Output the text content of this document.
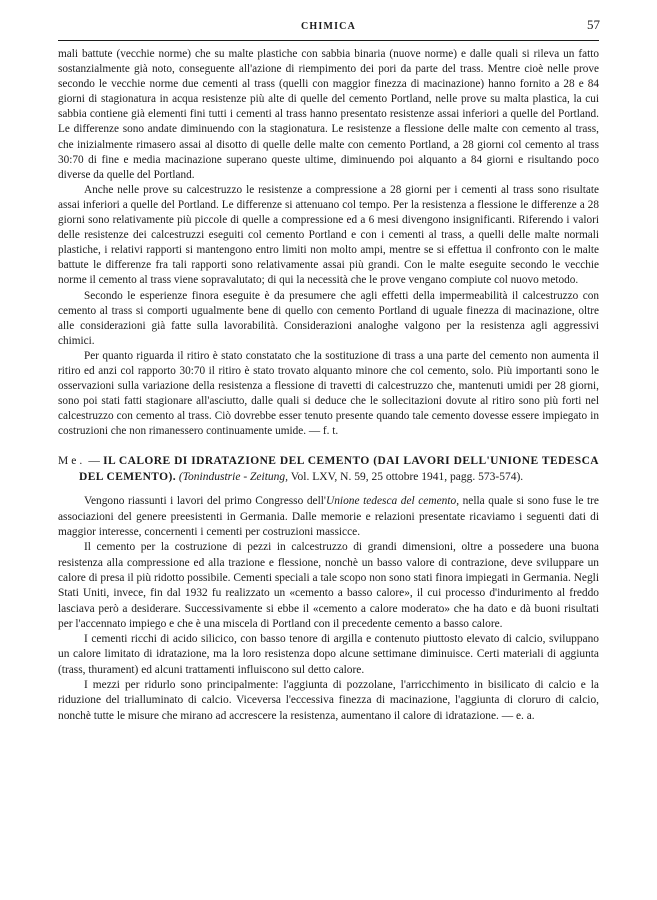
CHIMICA	57

mali battute (vecchie norme) che su malte plastiche con sabbia binaria (nuove norme) e dalle quali si rileva un fatto sostanzialmente già noto, conseguente all'azione di riempimento dei pori da parte del trass. Mentre cioè nelle prove secondo le vecchie norme due cementi al trass (quelli con maggior finezza di macinazione) hanno fornito a 28 e 84 giorni di stagionatura in acqua resistenze più alte di quelle del cemento Portland, nelle prove su malta plastica, la cui sabbia contiene già elementi fini tutti i cementi al trass hanno presentato resistenze assai inferiori a quelle del Portland. Le differenze sono andate diminuendo con la stagionatura. Le resistenze a flessione delle malte con cemento al trass, che inizialmente rimasero assai al disotto di quelle delle malte con cemento Portland, a 28 giorni col cemento al trass 30:70 di fine e media macinazione superano queste ultime, diminuendo poi alquanto a 84 giorni e risultando poco diverse da quelle del Portland.

Anche nelle prove su calcestruzzo le resistenze a compressione a 28 giorni per i cementi al trass sono risultate assai inferiori a quelle del Portland. Le differenze si attenuano col tempo. Per la resistenza a flessione le differenze a 28 giorni sono relativamente più piccole di quelle a compressione ed a 6 mesi divengono insignificanti. Riferendo i valori delle resistenze dei calcestruzzi eseguiti col cemento Portland e con i cementi al trass, a quelli delle malte normali plastiche, i relativi rapporti si mantengono entro limiti non molto ampi, mentre se si effettua il confronto con le malte battute le differenze fra tali rapporti sono relativamente assai più grandi. Con le malte eseguite secondo le vecchie norme il cemento al trass viene sopravalutato; di qui la necessità che le prove vengano compiute col nuovo metodo.

Secondo le esperienze finora eseguite è da presumere che agli effetti della impermeabilità il calcestruzzo con cemento al trass si comporti ugualmente bene di quello con cemento Portland di uguale finezza di macinazione, oltre alle considerazioni già fatte sulla lavorabilità. Considerazioni analoghe valgono per la resistenza agli aggressivi chimici.

Per quanto riguarda il ritiro è stato constatato che la sostituzione di trass a una parte del cemento non aumenta il ritiro ed anzi col rapporto 30:70 il ritiro è stato trovato alquanto minore che col cemento, solo. Più importanti sono le osservazioni sulla variazione della resistenza a flessione di travetti di calcestruzzo che, mantenuti umidi per 28 giorni, sono poi stati fatti stagionare all'asciutto, dalle quali si deduce che le sollecitazioni dovute al ritiro sono più forti nel calcestruzzo con cemento al trass. Ciò dovrebbe esser tenuto presente quando tale cemento dovesse essere impiegato in costruzioni che non rimanessero continuamente umide. — f. t.

Me. — IL CALORE DI IDRATAZIONE DEL CEMENTO (DAI LAVORI DELL'UNIONE TEDESCA DEL CEMENTO). (Tonindustrie - Zeitung, Vol. LXV, N. 59, 25 ottobre 1941, pagg. 573-574).

Vengono riassunti i lavori del primo Congresso dell'Unione tedesca del cemento, nella quale si sono fuse le tre associazioni del genere preesistenti in Germania. Dalle memorie e relazioni presentate ricaviamo i seguenti dati di maggior interesse, concernenti i cementi per costruzioni massicce.

Il cemento per la costruzione di pezzi in calcestruzzo di grandi dimensioni, oltre a possedere una buona resistenza alla compressione ed alla trazione e flessione, nonchè un basso valore di contrazione, deve sviluppare un calore di presa il più ridotto possibile. Cementi speciali a tale scopo non sono stati finora impiegati in Germania. Negli Stati Uniti, invece, fin dal 1932 fu realizzato un «cemento a basso calore», il cui processo d'indurimento al freddo lasciava però a desiderare. Successivamente si ebbe il «cemento a calore moderato» che ha dato e dà buoni risultati per l'accennato impiego e che è una miscela di Portland con il precedente cemento a basso calore.

I cementi ricchi di acido silicico, con basso tenore di argilla e contenuto piuttosto elevato di calcio, sviluppano un calore limitato di idratazione, ma la loro resistenza dopo alcune settimane diminuisce. Certi materiali di aggiunta (trass, thurament) ed alcuni trattamenti influiscono sul detto calore.

I mezzi per ridurlo sono principalmente: l'aggiunta di pozzolane, l'arricchimento in bisilicato di calcio e la riduzione del trialluminato di calcio. Viceversa l'eccessiva finezza di macinazione, l'aggiunta di cloruro di calcio, nonchè tutte le misure che mirano ad accrescere la resistenza, aumentano il calore di idratazione. — e. a.
